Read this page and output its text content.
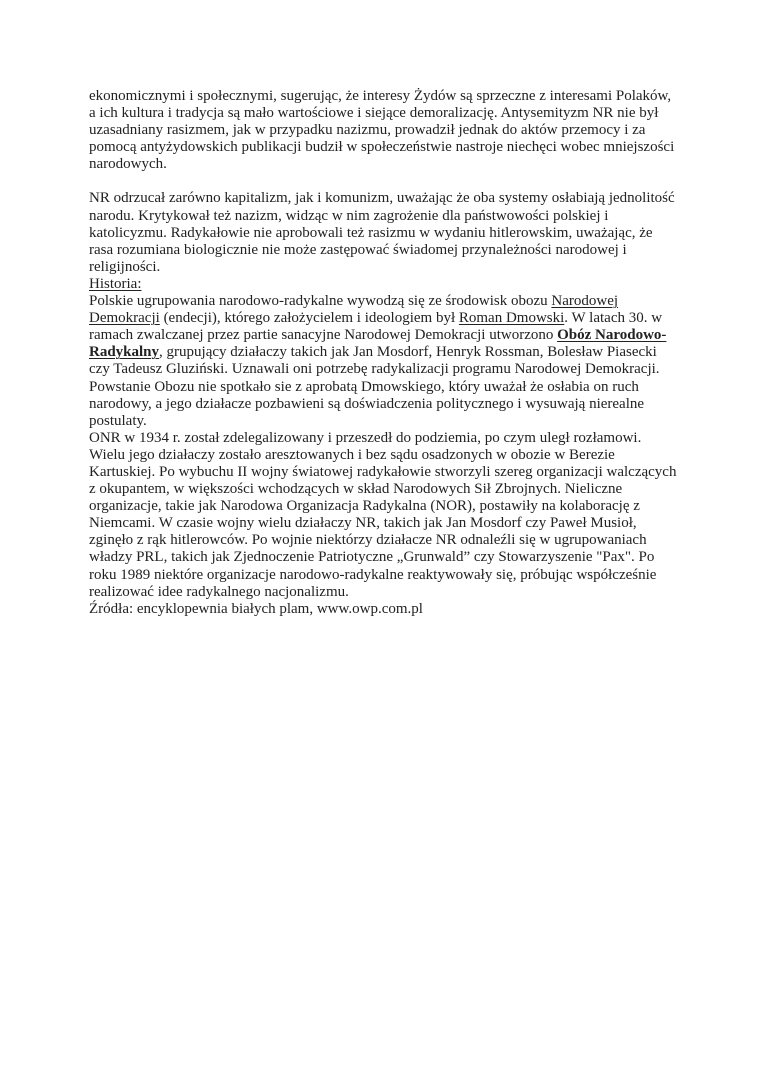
ekonomicznymi i społecznymi, sugerując, że interesy Żydów są sprzeczne z interesami Polaków, a ich kultura i tradycja są mało wartościowe i siejące demoralizację. Antysemityzm NR nie był uzasadniany rasizmem, jak w przypadku nazizmu, prowadził jednak do aktów przemocy i za pomocą antyżydowskich publikacji budził w społeczeństwie nastroje niechęci wobec mniejszości narodowych.

NR odrzucał zarówno kapitalizm, jak i komunizm, uważając że oba systemy osłabiają jednolitość narodu. Krytykował też nazizm, widząc w nim zagrożenie dla państwowości polskiej i katolicyzmu. Radykałowie nie aprobowali też rasizmu w wydaniu hitlerowskim, uważając, że rasa rozumiana biologicznie nie może zastępować świadomej przynależności narodowej i religijności.

Historia:

Polskie ugrupowania narodowo-radykalne wywodzą się ze środowisk obozu Narodowej Demokracji (endecji), którego założycielem i ideologiem był Roman Dmowski. W latach 30. w ramach zwalczanej przez partie sanacyjne Narodowej Demokracji utworzono Obóz Narodowo-Radykalny, grupujący działaczy takich jak Jan Mosdorf, Henryk Rossman, Bolesław Piasecki czy Tadeusz Gluziński. Uznawali oni potrzebę radykalizacji programu Narodowej Demokracji. Powstanie Obozu nie spotkało sie z aprobatą Dmowskiego, który uważał że osłabia on ruch narodowy, a jego działacze pozbawieni są doświadczenia politycznego i wysuwają nierealne postulaty.

ONR w 1934 r. został zdelegalizowany i przeszedł do podziemia, po czym uległ rozłamowi. Wielu jego działaczy zostało aresztowanych i bez sądu osadzonych w obozie w Berezie Kartuskiej. Po wybuchu II wojny światowej radykałowie stworzyli szereg organizacji walczących z okupantem, w większości wchodzących w skład Narodowych Sił Zbrojnych. Nieliczne organizacje, takie jak Narodowa Organizacja Radykalna (NOR), postawiły na kolaborację z Niemcami. W czasie wojny wielu działaczy NR, takich jak Jan Mosdorf czy Paweł Musioł, zginęło z rąk hitlerowców. Po wojnie niektórzy działacze NR odnaleźli się w ugrupowaniach władzy PRL, takich jak Zjednoczenie Patriotyczne „Grunwald” czy Stowarzyszenie "Pax". Po roku 1989 niektóre organizacje narodowo-radykalne reaktywowały się, próbując współcześnie realizować idee radykalnego nacjonalizmu.

Źródła: encyklopewnia białych plam, www.owp.com.pl
